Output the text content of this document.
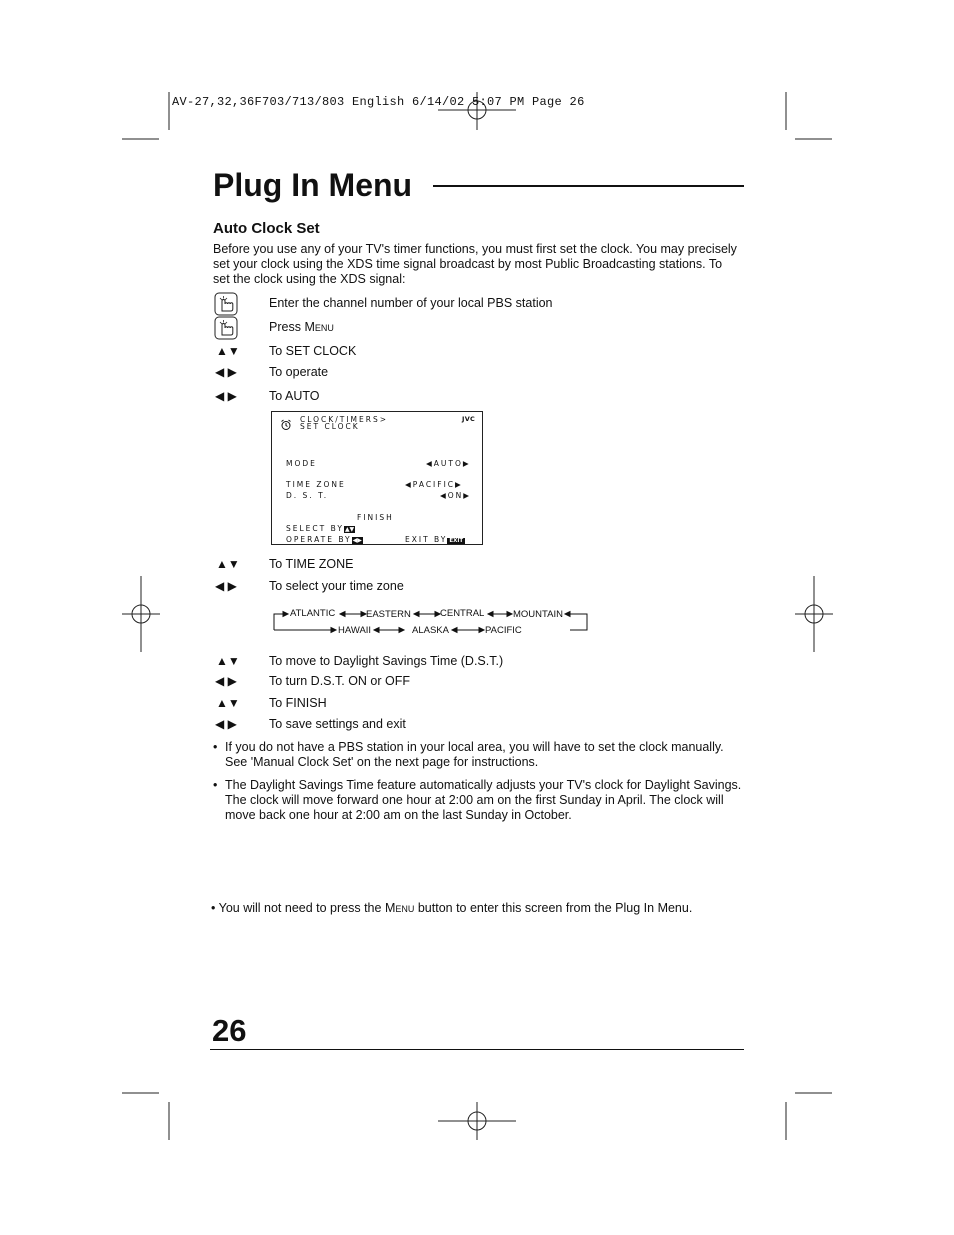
AV-27,32,36F703/713/803 English 6/14/02 5:07 PM Page 26
Plug In Menu
Auto Clock Set
Before you use any of your TV's timer functions, you must first set the clock. You may precisely
set your clock using the XDS time signal broadcast by most Public Broadcasting stations. To
set the clock using the XDS signal:
Enter the channel number of your local PBS station
Press Menu
▲▼ To SET CLOCK
◀ ▶	To operate
◀ ▶	To AUTO
CLOCK/TIMERS>
SET CLOCK
JVC
MODE	◀AUTO▶
TIME ZONE	◀PACIFIC▶
D. S. T.	◀ON▶
FINISH
SELECT BY▲▼
OPERATE BY◀▶	EXIT BY EXIT
▲▼ To TIME ZONE
◀ ▶	To select your time zone
ATLANTIC	EASTERN	CENTRAL	MOUNTAIN
HAWAII	ALASKA	PACIFIC
▲▼ To move to Daylight Savings Time (D.S.T.)
◀ ▶	To turn D.S.T. ON or OFF
▲▼ To FINISH
◀ ▶	To save settings and exit
• If you do not have a PBS station in your local area, you will have to set the clock manually.
See 'Manual Clock Set' on the next page for instructions.
• The Daylight Savings Time feature automatically adjusts your TV's clock for Daylight Savings.
The clock will move forward one hour at 2:00 am on the first Sunday in April. The clock will
move back one hour at 2:00 am on the last Sunday in October.
• You will not need to press the Menu button to enter this screen from the Plug In Menu.
26
